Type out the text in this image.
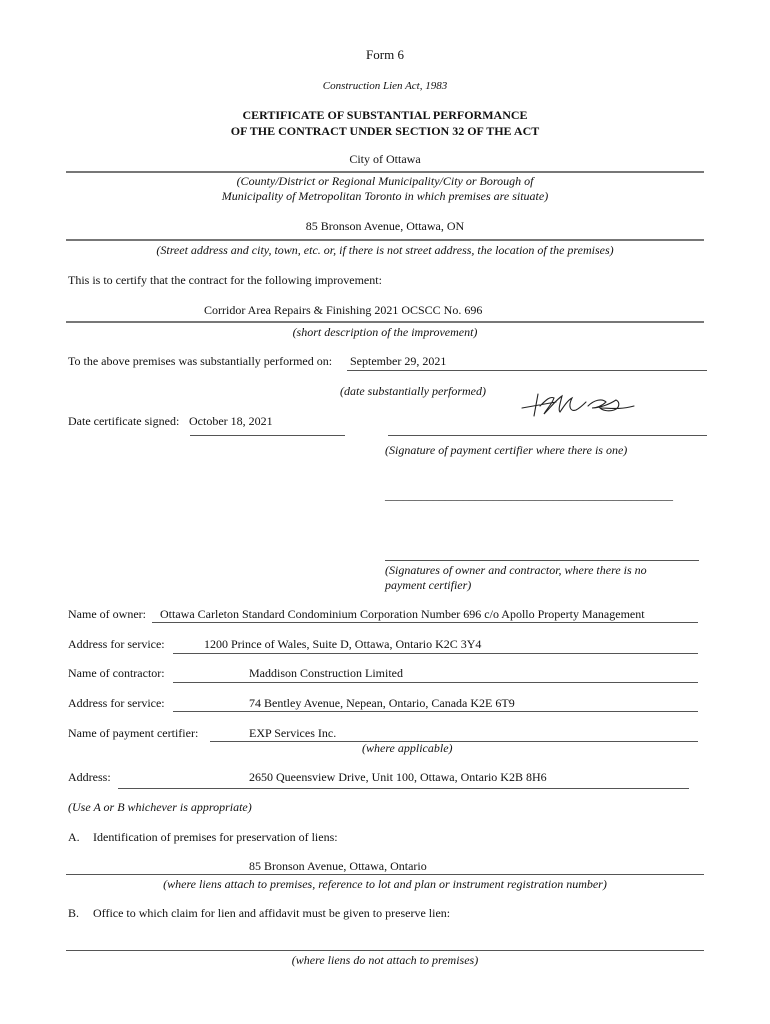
Form 6
Construction Lien Act, 1983
CERTIFICATE OF SUBSTANTIAL PERFORMANCE
OF THE CONTRACT UNDER SECTION 32 OF THE ACT
City of Ottawa
(County/District or Regional Municipality/City or Borough of
Municipality of Metropolitan Toronto in which premises are situate)
85 Bronson Avenue, Ottawa, ON
(Street address and city, town, etc. or, if there is not street address, the location of the premises)
This is to certify that the contract for the following improvement:
Corridor Area Repairs & Finishing 2021 OCSCC No. 696
(short description of the improvement)
To the above premises was substantially performed on: September 29, 2021
(date substantially performed)
Date certificate signed: October 18, 2021
(Signature of payment certifier where there is one)
________________________________________________
(Signatures of owner and contractor, where there is no
payment certifier)
Name of owner: Ottawa Carleton Standard Condominium Corporation Number 696 c/o Apollo Property Management
Address for service:	1200 Prince of Wales, Suite D, Ottawa, Ontario K2C 3Y4
Name of contractor:	Maddison Construction Limited
Address for service:	74 Bentley Avenue, Nepean, Ontario, Canada K2E 6T9
Name of payment certifier:	EXP Services Inc.
(where applicable)
Address:	2650 Queensview Drive, Unit 100, Ottawa, Ontario K2B 8H6
(Use A or B whichever is appropriate)
A. Identification of premises for preservation of liens:
85 Bronson Avenue, Ottawa, Ontario
(where liens attach to premises, reference to lot and plan or instrument registration number)
B. Office to which claim for lien and affidavit must be given to preserve lien:
(where liens do not attach to premises)
